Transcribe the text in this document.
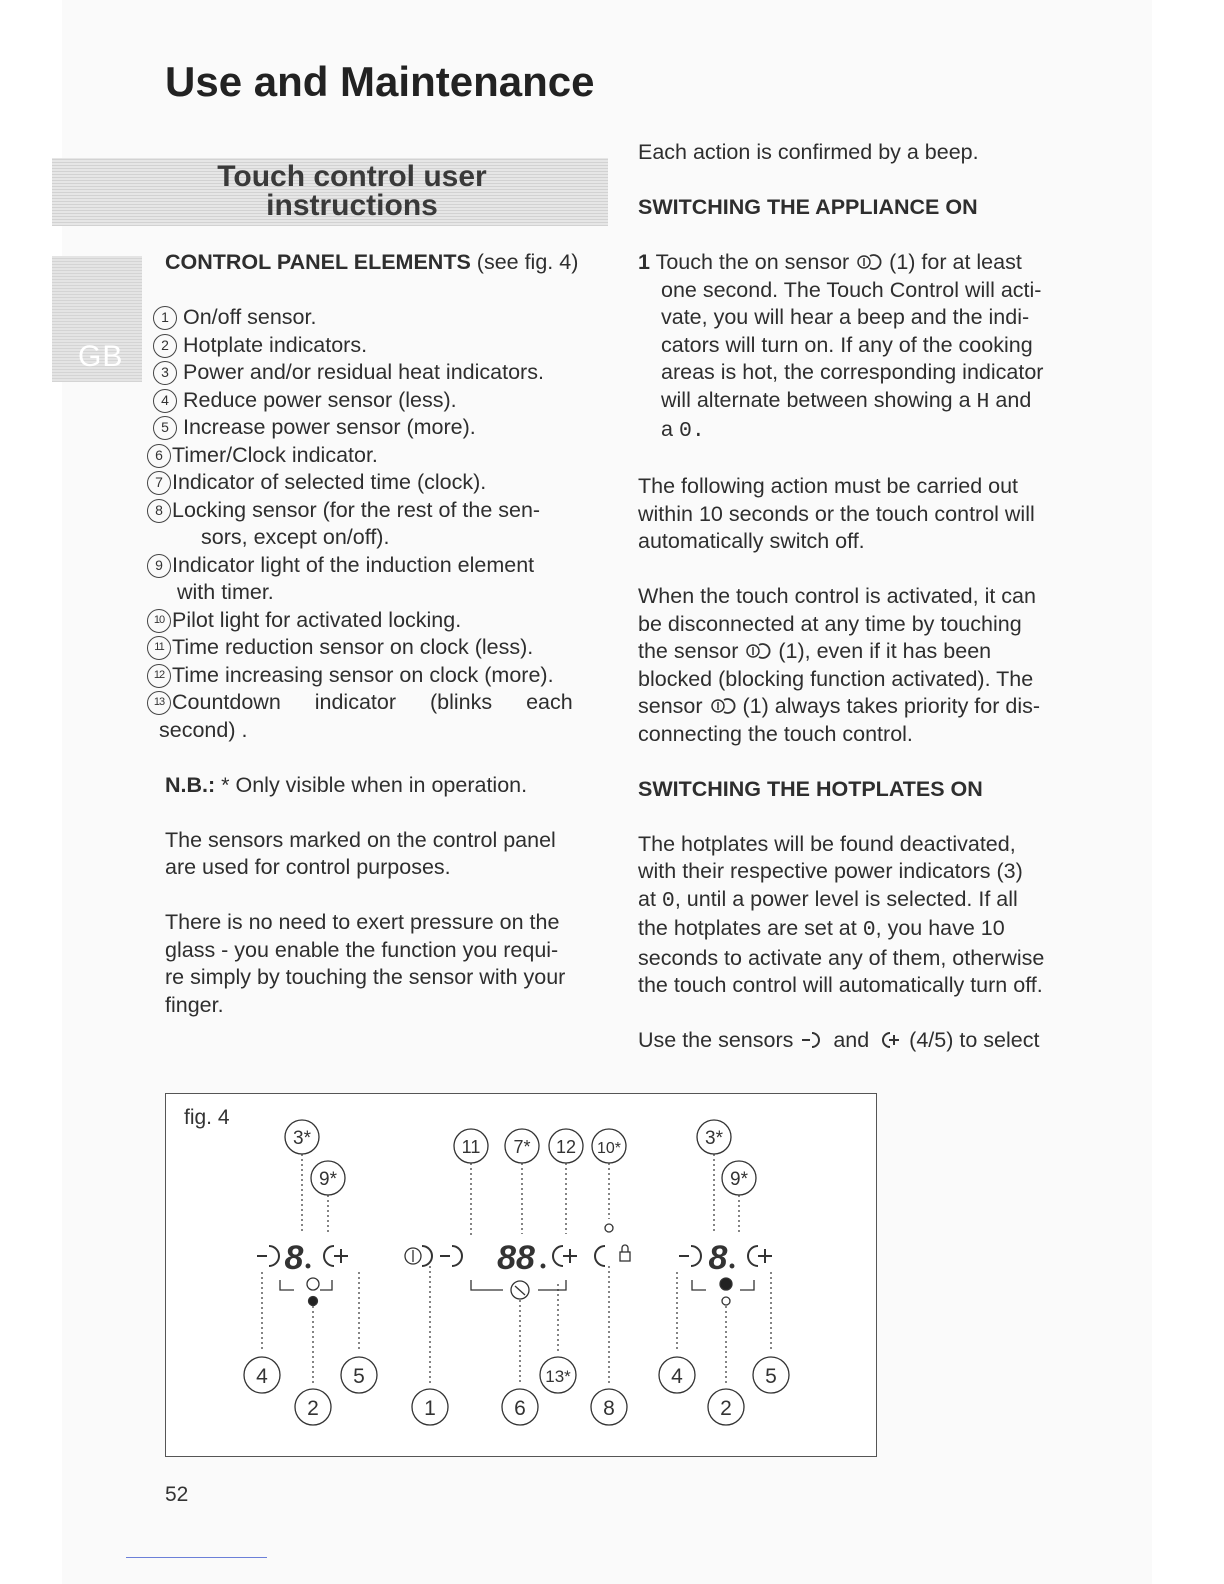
Use and Maintenance
Touch control user
instructions
GB

CONTROL PANEL ELEMENTS (see fig. 4)

1 On/off sensor.
2 Hotplate indicators.
3 Power and/or residual heat indicators.
4 Reduce power sensor (less).
5 Increase power sensor (more).
6 Timer/Clock indicator.
7 Indicator of selected time (clock).
8 Locking sensor (for the rest of the sen-
sors, except on/off).
9 Indicator light of the induction element
with timer.
10 Pilot light for activated locking.
11 Time reduction sensor on clock (less).
12 Time increasing sensor on clock (more).
13 Countdown indicator (blinks each
second) .

N.B.: * Only visible when in operation.

The sensors marked on the control panel
are used for control purposes.

There is no need to exert pressure on the
glass - you enable the function you requi-
re simply by touching the sensor with your
finger.

Each action is confirmed by a beep.

SWITCHING THE APPLIANCE ON

1 Touch the on sensor (1) for at least
one second. The Touch Control will acti-
vate, you will hear a beep and the indi-
cators will turn on. If any of the cooking
areas is hot, the corresponding indicator
will alternate between showing a H and
a 0.

The following action must be carried out
within 10 seconds or the touch control will
automatically switch off.

When the touch control is activated, it can
be disconnected at any time by touching
the sensor (1), even if it has been
blocked (blocking function activated). The
sensor (1) always takes priority for dis-
connecting the touch control.

SWITCHING THE HOTPLATES ON

The hotplates will be found deactivated,
with their respective power indicators (3)
at 0, until a power level is selected. If all
the hotplates are set at 0, you have 10
seconds to activate any of them, otherwise
the touch control will automatically turn off.
Use the sensors and (4/5) to select
fig. 4
3*
9*
11 7* 12 10*	3*
9*
8	88	8
4
2
5
1	6
13*
8
4
2
5
52
